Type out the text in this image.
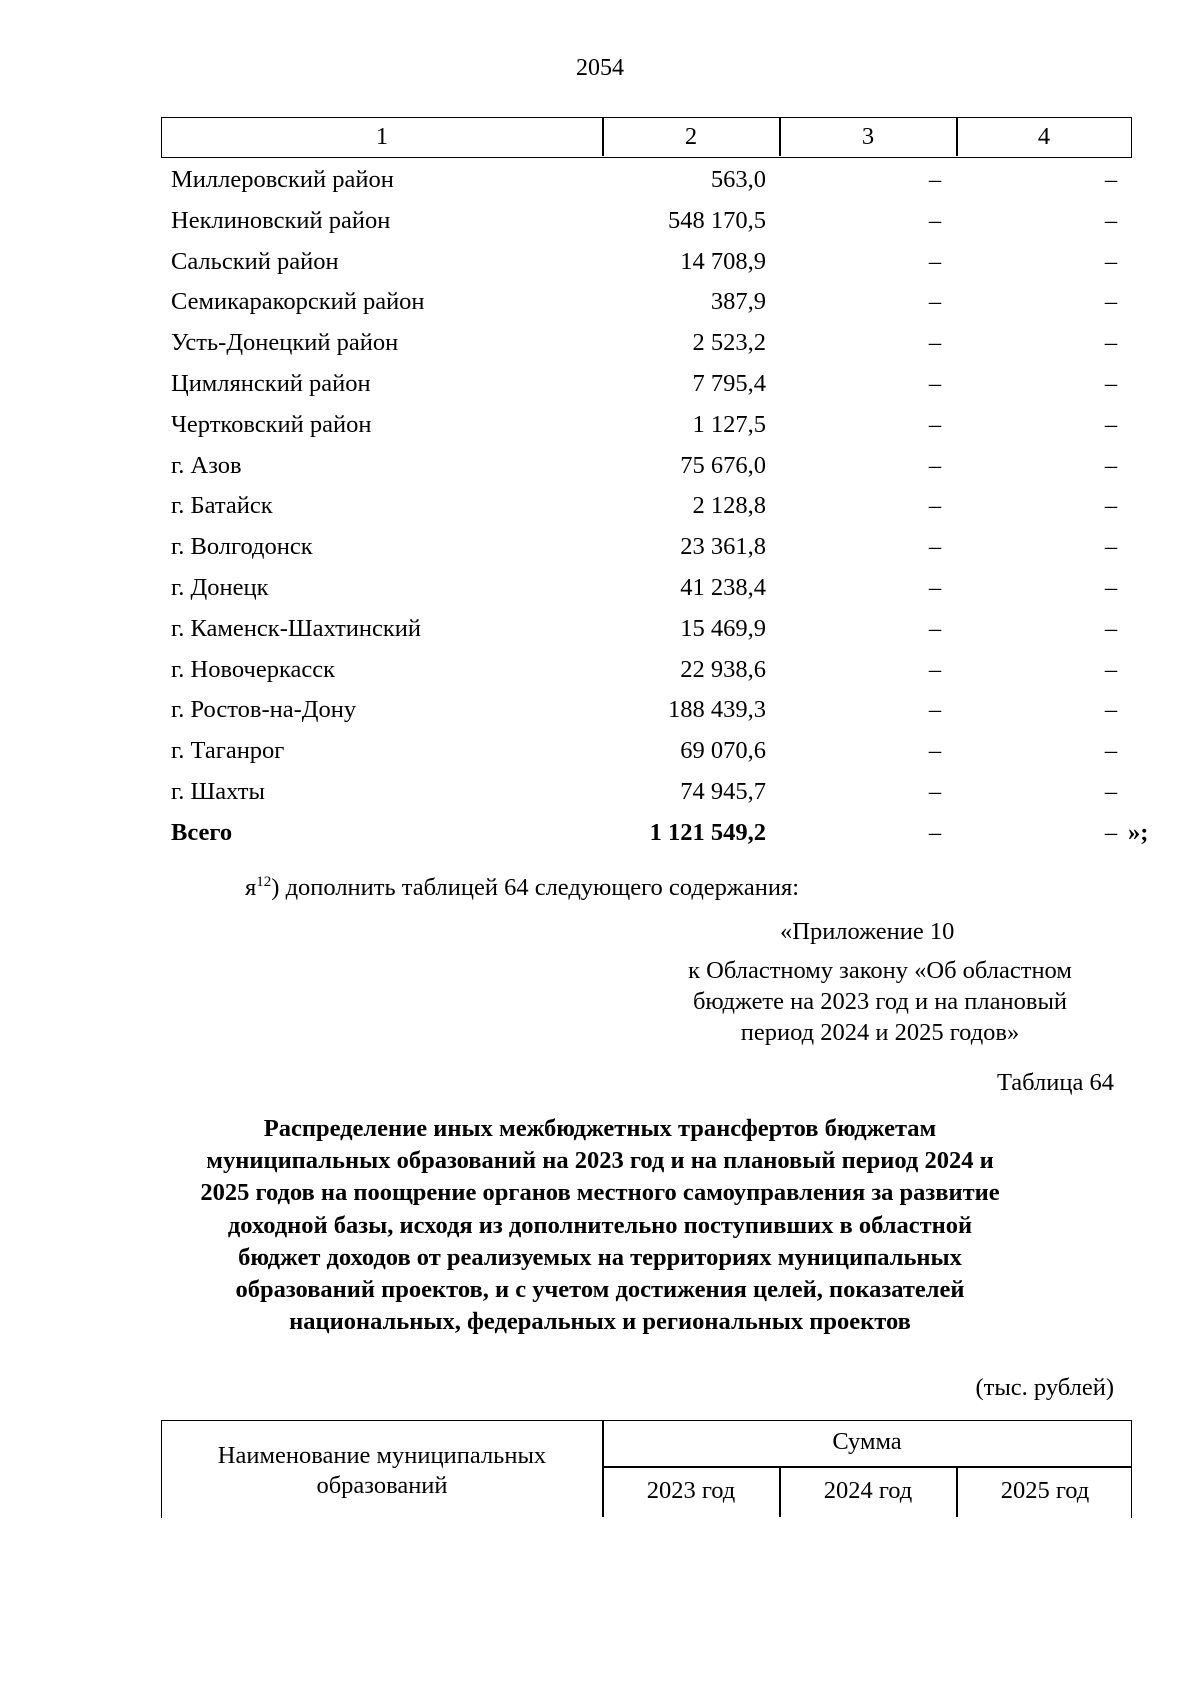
2054
1	2	3	4
Миллеровский район	563,0	–	–
Неклиновский район	548 170,5	–	–
Сальский район	14 708,9	–	–
Семикаракорский район	387,9	–	–
Усть-Донецкий район	2 523,2	–	–
Цимлянский район	7 795,4	–	–
Чертковский район	1 127,5	–	–
г. Азов	75 676,0	–	–
г. Батайск	2 128,8	–	–
г. Волгодонск	23 361,8	–	–
г. Донецк	41 238,4	–	–
г. Каменск-Шахтинский	15 469,9	–	–
г. Новочеркасск	22 938,6	–	–
г. Ростов-на-Дону	188 439,3	–	–
г. Таганрог	69 070,6	–	–
г. Шахты	74 945,7	–	–
Всего	1 121 549,2	–	– »;
$я^{12}$) дополнить таблицей 64 следующего содержания:
«Приложение 10
к Областному закону «Об областном
бюджете на 2023 год и на плановый
период 2024 и 2025 годов»
Таблица 64
Распределение иных межбюджетных трансфертов бюджетам
муниципальных образований на 2023 год и на плановый период 2024 и
2025 годов на поощрение органов местного самоуправления за развитие
доходной базы, исходя из дополнительно поступивших в областной
бюджет доходов от реализуемых на территориях муниципальных
образований проектов, и с учетом достижения целей, показателей
национальных, федеральных и региональных проектов
(тыс. рублей)
Наименование муниципальных
образований
Сумма
2023 год	2024 год	2025 год
